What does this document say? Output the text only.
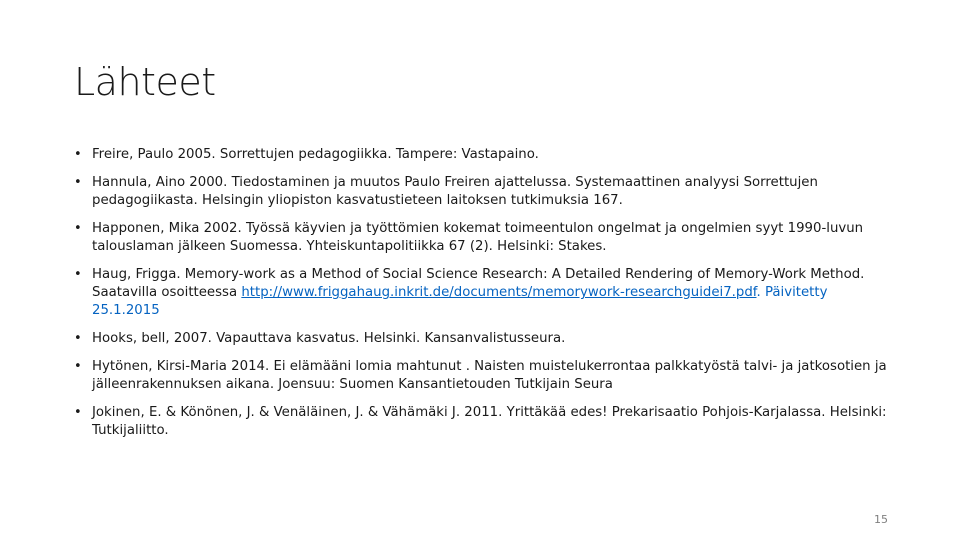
Lähteet
• Freire, Paulo 2005. Sorrettujen pedagogiikka. Tampere: Vastapaino.
• Hannula, Aino 2000. Tiedostaminen ja muutos Paulo Freiren ajattelussa. Systemaattinen analyysi Sorrettujen pedagogiikasta. Helsingin yliopiston kasvatustieteen laitoksen tutkimuksia 167.
• Happonen, Mika 2002. Työssä käyvien ja työttömien kokemat toimeentulon ongelmat ja ongelmien syyt 1990-luvun talouslaman jälkeen Suomessa. Yhteiskuntapolitiikka 67 (2). Helsinki: Stakes.
• Haug, Frigga. Memory-work as a Method of Social Science Research: A Detailed Rendering of Memory-Work Method. Saatavilla osoitteessa http://www.friggahaug.inkrit.de/documents/memorywork-researchguidei7.pdf. Päivitetty 25.1.2015
• Hooks, bell, 2007. Vapauttava kasvatus. Helsinki. Kansanvalistusseura.
• Hytönen, Kirsi-Maria 2014. Ei elämääni lomia mahtunut . Naisten muistelukerrontaa palkkatyöstä talvi- ja jatkosotien ja jälleenrakennuksen aikana. Joensuu: Suomen Kansantietouden Tutkijain Seura
• Jokinen, E. & Könönen, J. & Venäläinen, J. & Vähämäki J. 2011. Yrittäkää edes! Prekarisaatio Pohjois-Karjalassa. Helsinki: Tutkijaliitto.
15
